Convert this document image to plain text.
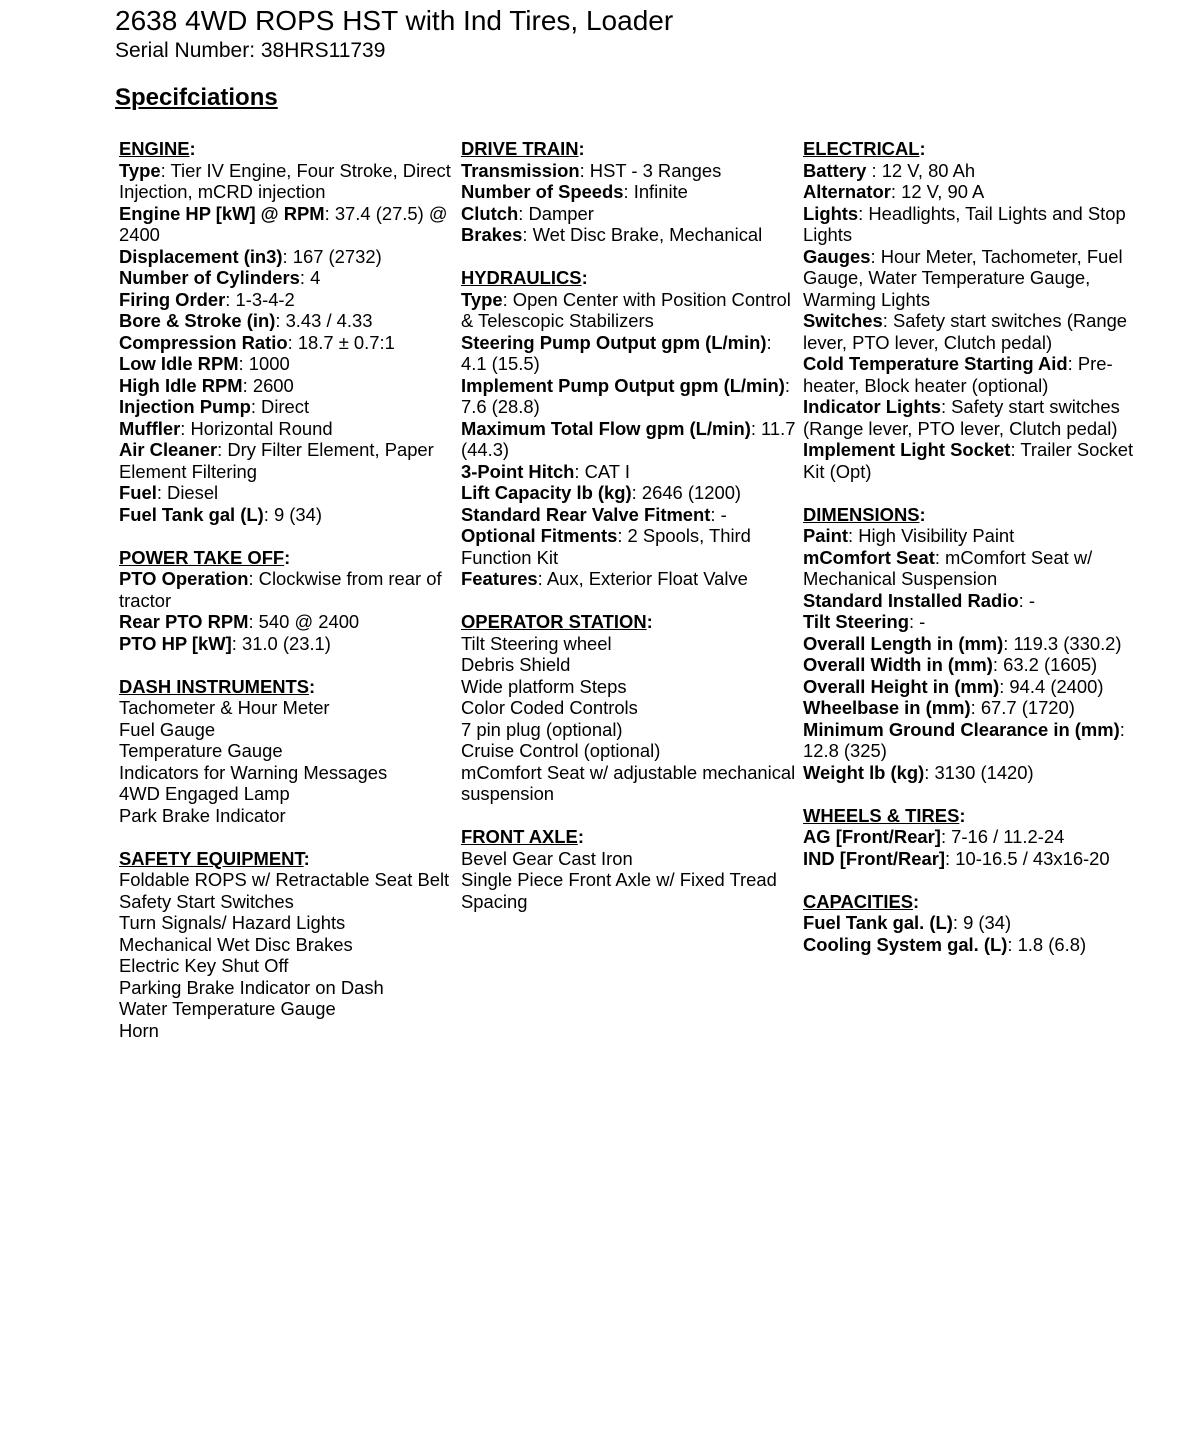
2638 4WD ROPS HST with Ind Tires, Loader
Serial Number: 38HRS11739
Specifciations
ENGINE:
Type: Tier IV Engine, Four Stroke, Direct Injection, mCRD injection
Engine HP [kW] @ RPM: 37.4 (27.5) @ 2400
Displacement (in3): 167 (2732)
Number of Cylinders: 4
Firing Order: 1-3-4-2
Bore & Stroke (in): 3.43 / 4.33
Compression Ratio: 18.7 ± 0.7:1
Low Idle RPM: 1000
High Idle RPM: 2600
Injection Pump: Direct
Muffler: Horizontal Round
Air Cleaner: Dry Filter Element, Paper Element Filtering
Fuel: Diesel
Fuel Tank gal (L): 9 (34)
POWER TAKE OFF:
PTO Operation: Clockwise from rear of tractor
Rear PTO RPM: 540 @ 2400
PTO HP [kW]: 31.0 (23.1)
DASH INSTRUMENTS:
Tachometer & Hour Meter
Fuel Gauge
Temperature Gauge
Indicators for Warning Messages
4WD Engaged Lamp
Park Brake Indicator
SAFETY EQUIPMENT:
Foldable ROPS w/ Retractable Seat Belt
Safety Start Switches
Turn Signals/ Hazard Lights
Mechanical Wet Disc Brakes
Electric Key Shut Off
Parking Brake Indicator on Dash
Water Temperature Gauge
Horn
DRIVE TRAIN:
Transmission: HST - 3 Ranges
Number of Speeds: Infinite
Clutch: Damper
Brakes: Wet Disc Brake, Mechanical
HYDRAULICS:
Type: Open Center with Position Control & Telescopic Stabilizers
Steering Pump Output gpm (L/min): 4.1 (15.5)
Implement Pump Output gpm (L/min): 7.6 (28.8)
Maximum Total Flow gpm (L/min): 11.7 (44.3)
3-Point Hitch: CAT I
Lift Capacity lb (kg): 2646 (1200)
Standard Rear Valve Fitment: -
Optional Fitments: 2 Spools, Third Function Kit
Features: Aux, Exterior Float Valve
OPERATOR STATION:
Tilt Steering wheel
Debris Shield
Wide platform Steps
Color Coded Controls
7 pin plug (optional)
Cruise Control (optional)
mComfort Seat w/ adjustable mechanical suspension
FRONT AXLE:
Bevel Gear Cast Iron
Single Piece Front Axle w/ Fixed Tread Spacing
ELECTRICAL:
Battery : 12 V, 80 Ah
Alternator: 12 V, 90 A
Lights: Headlights, Tail Lights and Stop Lights
Gauges: Hour Meter, Tachometer, Fuel Gauge, Water Temperature Gauge, Warming Lights
Switches: Safety start switches (Range lever, PTO lever, Clutch pedal)
Cold Temperature Starting Aid: Pre-heater, Block heater (optional)
Indicator Lights: Safety start switches (Range lever, PTO lever, Clutch pedal)
Implement Light Socket: Trailer Socket Kit (Opt)
DIMENSIONS:
Paint: High Visibility Paint
mComfort Seat: mComfort Seat w/ Mechanical Suspension
Standard Installed Radio: -
Tilt Steering: -
Overall Length in (mm): 119.3 (330.2)
Overall Width in (mm): 63.2 (1605)
Overall Height in (mm): 94.4 (2400)
Wheelbase in (mm): 67.7 (1720)
Minimum Ground Clearance in (mm): 12.8 (325)
Weight lb (kg): 3130 (1420)
WHEELS & TIRES:
AG [Front/Rear]: 7-16 / 11.2-24
IND [Front/Rear]: 10-16.5 / 43x16-20
CAPACITIES:
Fuel Tank gal. (L): 9 (34)
Cooling System gal. (L): 1.8 (6.8)
